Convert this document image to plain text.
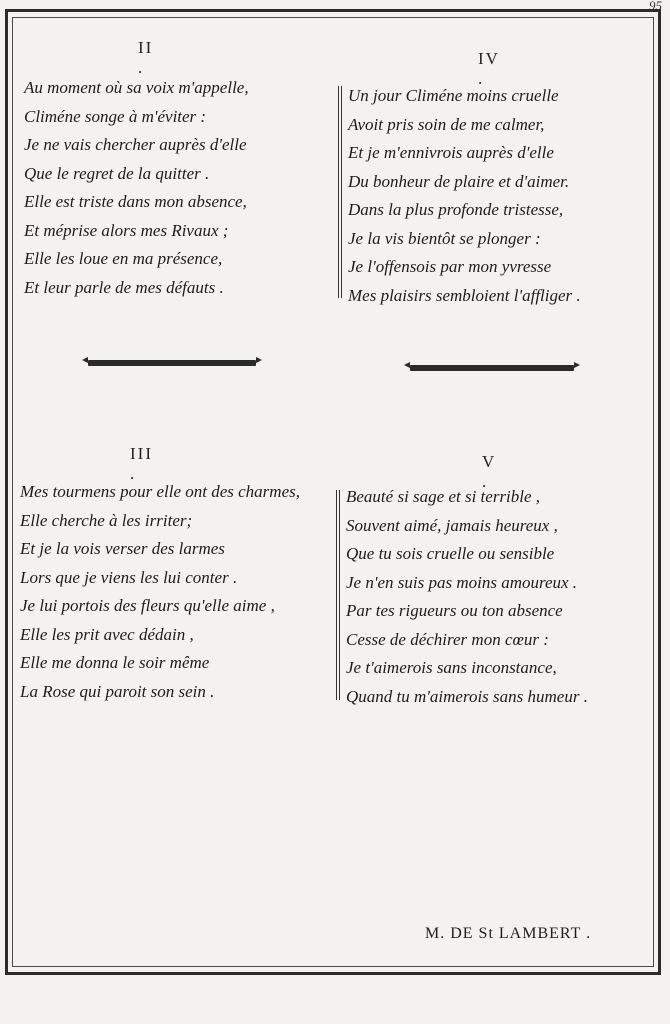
95
II .
Au moment où sa voix m'appelle,
Climéne songe à m'éviter :
Je ne vais chercher auprès d'elle
Que le regret de la quitter .
Elle est triste dans mon absence,
Et méprise alors mes Rivaux ;
Elle les loue en ma présence,
Et leur parle de mes défauts .
IV .
Un jour Climéne moins cruelle
Avoit pris soin de me calmer,
Et je m'ennivrois auprès d'elle
Du bonheur de plaire et d'aimer.
Dans la plus profonde tristesse,
Je la vis bientôt se plonger :
Je l'offensois par mon yvresse
Mes plaisirs sembloient l'affliger .
III .
Mes tourmens pour elle ont des charmes,
Elle cherche à les irriter;
Et je la vois verser des larmes
Lors que je viens les lui conter .
Je lui portois des fleurs qu'elle aime ,
Elle les prit avec dédain ,
Elle me donna le soir même
La Rose qui paroit son sein .
V .
Beauté si sage et si terrible ,
Souvent aimé, jamais heureux ,
Que tu sois cruelle ou sensible
Je n'en suis pas moins amoureux .
Par tes rigueurs ou ton absence
Cesse de déchirer mon cœur :
Je t'aimerois sans inconstance,
Quand tu m'aimerois sans humeur .
M. DE St LAMBERT .
